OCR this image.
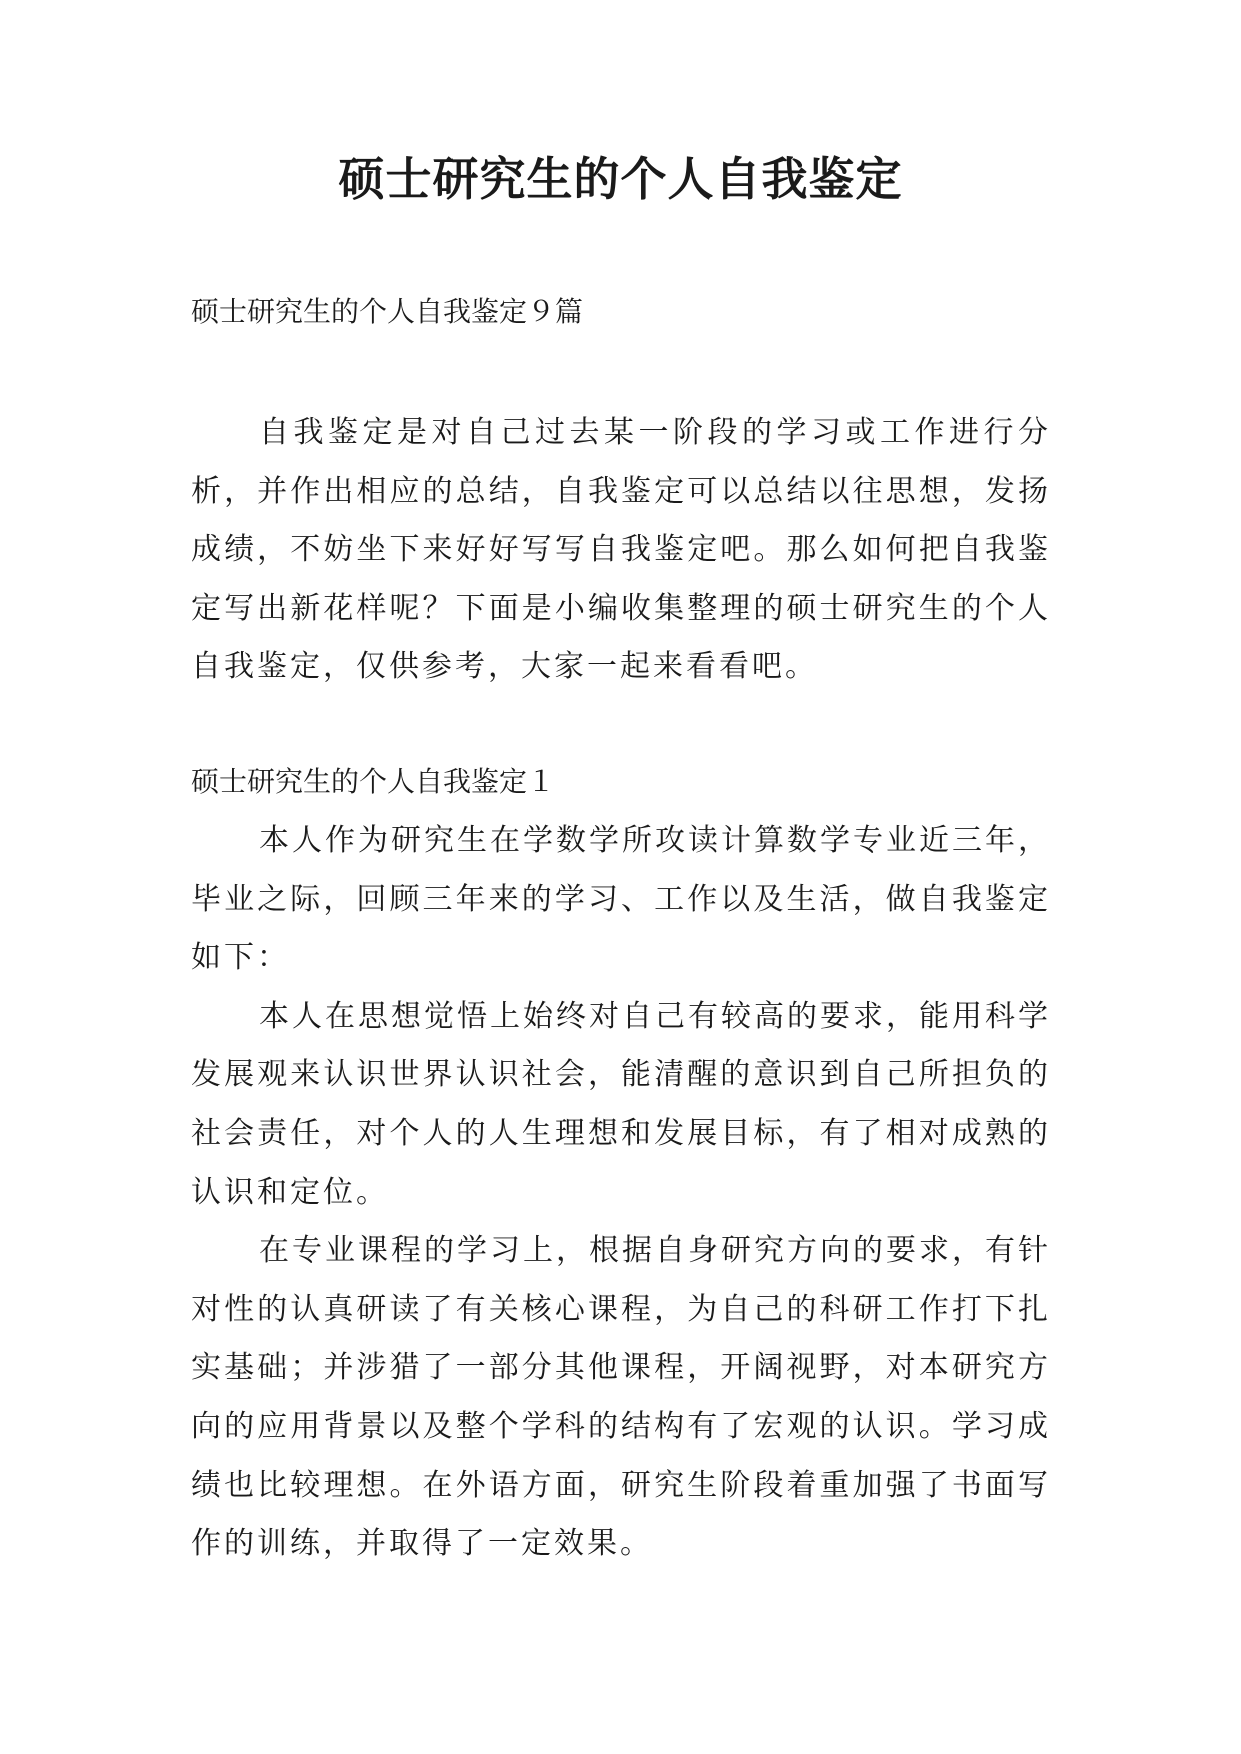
硕士研究生的个人自我鉴定

硕士研究生的个人自我鉴定９篇

自我鉴定是对自己过去某一阶段的学习或工作进行分析，并作出相应的总结，自我鉴定可以总结以往思想，发扬成绩，不妨坐下来好好写写自我鉴定吧。那么如何把自我鉴定写出新花样呢？下面是小编收集整理的硕士研究生的个人自我鉴定，仅供参考，大家一起来看看吧。

硕士研究生的个人自我鉴定１

本人作为研究生在学数学所攻读计算数学专业近三年，毕业之际，回顾三年来的学习、工作以及生活，做自我鉴定如下：

本人在思想觉悟上始终对自己有较高的要求，能用科学发展观来认识世界认识社会，能清醒的意识到自己所担负的社会责任，对个人的人生理想和发展目标，有了相对成熟的认识和定位。

在专业课程的学习上，根据自身研究方向的要求，有针对性的认真研读了有关核心课程，为自己的科研工作打下扎实基础；并涉猎了一部分其他课程，开阔视野，对本研究方向的应用背景以及整个学科的结构有了宏观的认识。学习成绩也比较理想。在外语方面，研究生阶段着重加强了书面写作的训练，并取得了一定效果。
